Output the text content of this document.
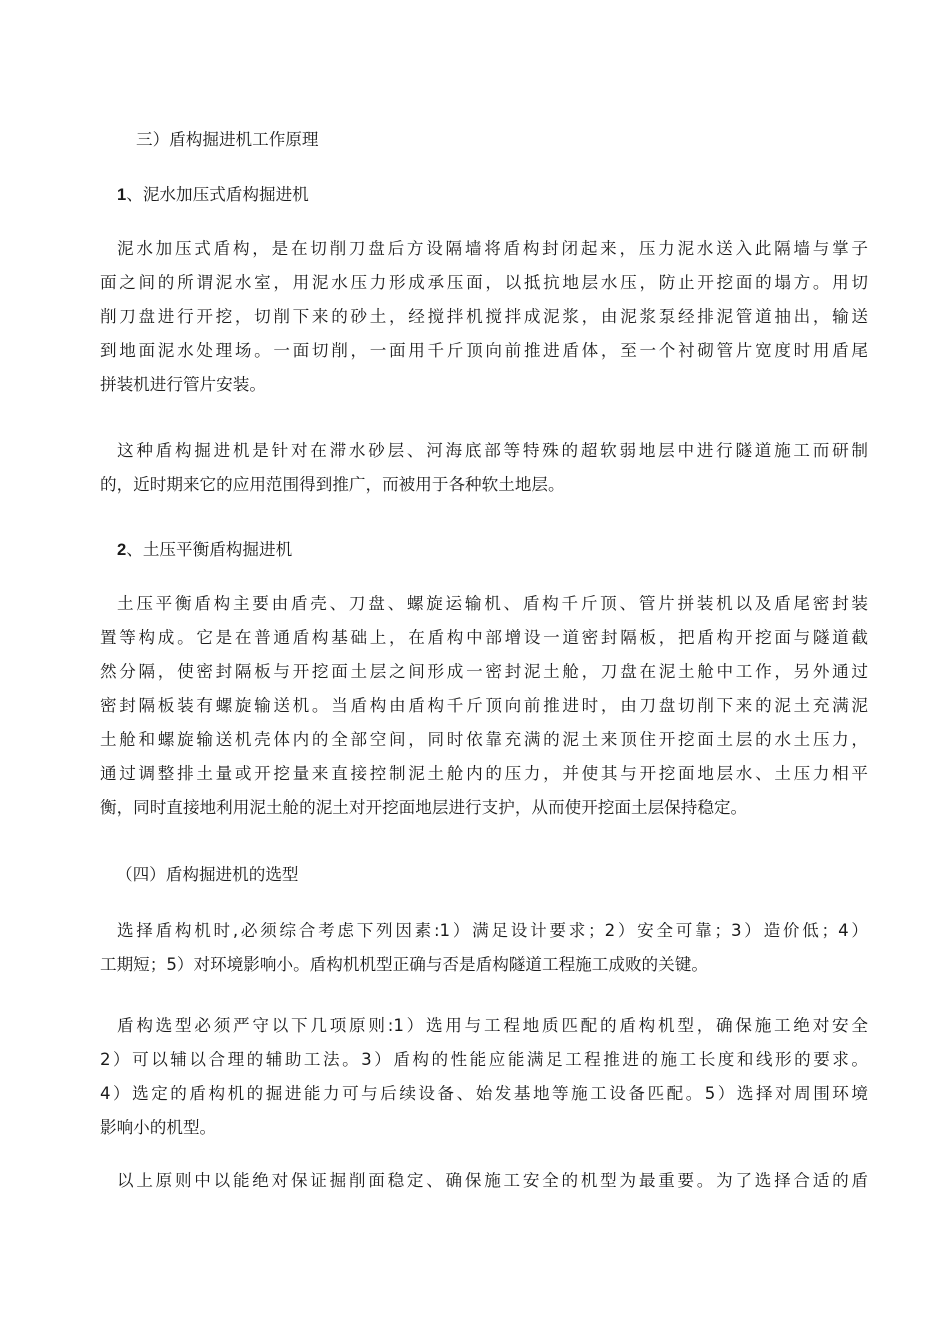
三）盾构掘进机工作原理

1、泥水加压式盾构掘进机

泥水加压式盾构，是在切削刀盘后方设隔墙将盾构封闭起来，压力泥水送入此隔墙与掌子
面之间的所谓泥水室，用泥水压力形成承压面，以抵抗地层水压，防止开挖面的塌方。用切
削刀盘进行开挖，切削下来的砂土，经搅拌机搅拌成泥浆，由泥浆泵经排泥管道抽出，输送
到地面泥水处理场。一面切削，一面用千斤顶向前推进盾体，至一个衬砌管片宽度时用盾尾
拼装机进行管片安装。
这种盾构掘进机是针对在滞水砂层、河海底部等特殊的超软弱地层中进行隧道施工而研制
的，近时期来它的应用范围得到推广，而被用于各种软土地层。

2、土压平衡盾构掘进机

土压平衡盾构主要由盾壳、刀盘、螺旋运输机、盾构千斤顶、管片拼装机以及盾尾密封装
置等构成。它是在普通盾构基础上，在盾构中部增设一道密封隔板，把盾构开挖面与隧道截
然分隔，使密封隔板与开挖面土层之间形成一密封泥土舱，刀盘在泥土舱中工作，另外通过
密封隔板装有螺旋输送机。当盾构由盾构千斤顶向前推进时，由刀盘切削下来的泥土充满泥
土舱和螺旋输送机壳体内的全部空间，同时依靠充满的泥土来顶住开挖面土层的水土压力，
通过调整排土量或开挖量来直接控制泥土舱内的压力，并使其与开挖面地层水、土压力相平
衡，同时直接地利用泥土舱的泥土对开挖面地层进行支护，从而使开挖面土层保持稳定。

（四）盾构掘进机的选型

选择盾构机时,必须综合考虑下列因素:1）满足设计要求；2）安全可靠；3）造价低；4）
工期短；5）对环境影响小。盾构机机型正确与否是盾构隧道工程施工成败的关键。
盾构选型必须严守以下几项原则:1）选用与工程地质匹配的盾构机型，确保施工绝对安全
2）可以辅以合理的辅助工法。3）盾构的性能应能满足工程推进的施工长度和线形的要求。
4）选定的盾构机的掘进能力可与后续设备、始发基地等施工设备匹配。5）选择对周围环境
影响小的机型。
以上原则中以能绝对保证掘削面稳定、确保施工安全的机型为最重要。为了选择合适的盾
